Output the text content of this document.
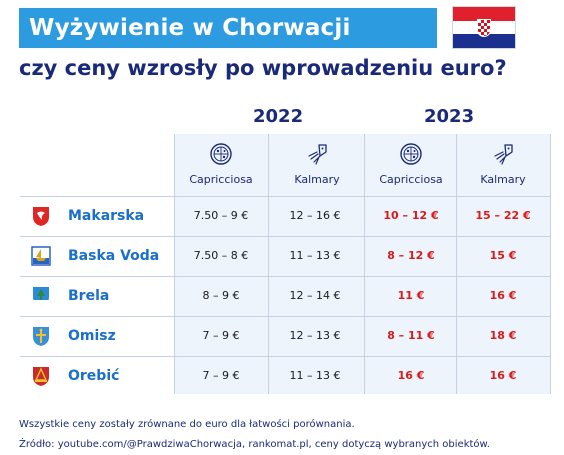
Wyżywienie w Chorwacji
czy ceny wzrosły po wprowadzeniu euro?
2022	2023
Capricciosa	Kalmary	Capricciosa	Kalmary
Makarska	7.50 – 9 €	12 – 16 €	10 – 12 €	15 – 22 €
Baska Voda	7.50 – 8 €	11 – 13 €	8 – 12 €	15 €
Brela	8 – 9 €	12 – 14 €	11 €	16 €
Omisz	7 – 9 €	12 – 13 €	8 – 11 €	18 €
Orebić	7 – 9 €	11 – 13 €	16 €	16 €
Wszystkie ceny zostały zrównane do euro dla łatwości porównania.
Źródło: youtube.com/@PrawdziwaChorwacja, rankomat.pl, ceny dotyczą wybranych obiektów.
